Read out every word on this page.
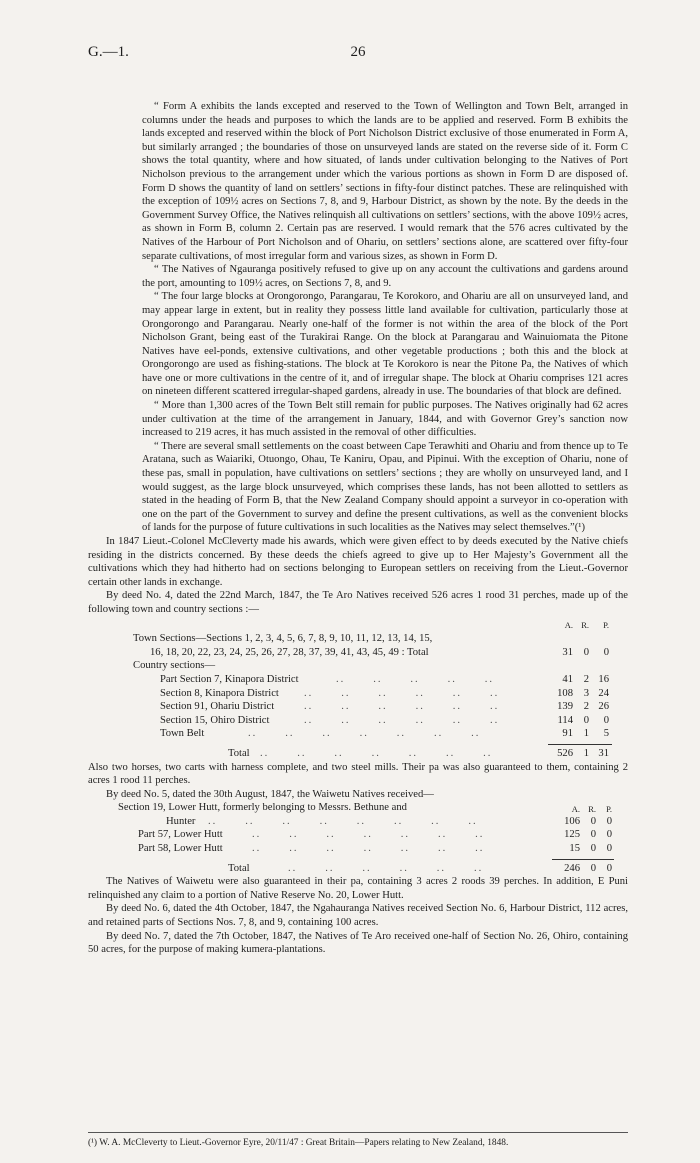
G.—1.	26

“ Form A exhibits the lands excepted and reserved to the Town of Wellington and Town Belt, arranged in columns under the heads and purposes to which the lands are to be applied and reserved. Form B exhibits the lands excepted and reserved within the block of Port Nicholson District exclusive of those enumerated in Form A, but similarly arranged ; the boundaries of those on unsurveyed lands are stated on the reverse side of it. Form C shows the total quantity, where and how situated, of lands under cultivation belonging to the Natives of Port Nicholson previous to the arrangement under which the various portions as shown in Form D are disposed of. Form D shows the quantity of land on settlers’ sections in fifty-four distinct patches. These are relinquished with the exception of 109½ acres on Sections 7, 8, and 9, Harbour District, as shown by the note. By the deeds in the Government Survey Office, the Natives relinquish all cultivations on settlers’ sections, with the above 109½ acres, as shown in Form B, column 2. Certain pas are reserved. I would remark that the 576 acres cultivated by the Natives of the Harbour of Port Nicholson and of Ohariu, on settlers’ sections alone, are scattered over fifty-four separate cultivations, of most irregular form and various sizes, as shown in Form D.

“ The Natives of Ngauranga positively refused to give up on any account the cultivations and gardens around the port, amounting to 109½ acres, on Sections 7, 8, and 9.

“ The four large blocks at Orongorongo, Parangarau, Te Korokoro, and Ohariu are all on unsurveyed land, and may appear large in extent, but in reality they possess little land available for cultivation, particularly those at Orongorongo and Parangarau. Nearly one-half of the former is not within the area of the block of the Port Nicholson Grant, being east of the Turakirai Range. On the block at Parangarau and Wainuiomata the Pitone Natives have eel-ponds, extensive cultivations, and other vegetable productions ; both this and the block at Orongorongo are used as fishing-stations. The block at Te Korokoro is near the Pitone Pa, the Natives of which have one or more cultivations in the centre of it, and of irregular shape. The block at Ohariu comprises 121 acres on nineteen different scattered irregular-shaped gardens, already in use. The boundaries of that block are defined.

“ More than 1,300 acres of the Town Belt still remain for public purposes. The Natives originally had 62 acres under cultivation at the time of the arrangement in January, 1844, and with Governor Grey’s sanction now increased to 219 acres, it has much assisted in the removal of other difficulties.

“ There are several small settlements on the coast between Cape Terawhiti and Ohariu and from thence up to Te Aratana, such as Waiariki, Otuongo, Ohau, Te Kaniru, Opau, and Pipinui. With the exception of Ohariu, none of these pas, small in population, have cultivations on settlers’ sections ; they are wholly on unsurveyed land, and I would suggest, as the large block unsurveyed, which comprises these lands, has not been allotted to settlers as stated in the heading of Form B, that the New Zealand Company should appoint a surveyor in co-operation with one on the part of the Government to survey and define the present cultivations, as well as the convenient blocks of lands for the purpose of future cultivations in such localities as the Natives may select themselves.”(¹)

In 1847 Lieut.-Colonel McCleverty made his awards, which were given effect to by deeds executed by the Native chiefs residing in the districts concerned. By these deeds the chiefs agreed to give up to Her Majesty’s Government all the cultivations which they had hitherto had on sections belonging to European settlers on receiving from the Lieut.-Governor certain other lands in exchange.

By deed No. 4, dated the 22nd March, 1847, the Te Aro Natives received 526 acres 1 rood 31 perches, made up of the following town and country sections :—

A. R.	P.
Town Sections—Sections 1, 2, 3, 4, 5, 6, 7, 8, 9, 10, 11, 12, 13, 14, 15,
16, 18, 20, 22, 23, 24, 25, 26, 27, 28, 37, 39, 41, 43, 45, 49 : Total	31	0	0
Country sections—
Part Section 7, Kinapora District	..      ..      ..      ..      ..	41	2 16
Section 8, Kinapora District ..      ..      ..      ..      ..      ..	108	3 24
Section 91, Ohariu District	..      ..      ..      ..      ..      ..	139	2 26
Section 15, Ohiro District	..      ..      ..      ..      ..      ..	114	0	0
Town Belt	..      ..      ..      ..      ..      ..      ..	91	1	5
Total ..      ..      ..      ..      ..      ..      ..	526	1 31

Also two horses, two carts with harness complete, and two steel mills. Their pa was also guaranteed to them, containing 2 acres 1 rood 11 perches.

By deed No. 5, dated the 30th August, 1847, the Waiwetu Natives received—

Section 19, Lower Hutt, formerly belonging to Messrs. Bethune and	A. R.	P.
Hunter ..      ..      ..      ..      ..      ..      ..      ..	106	0	0
Part 57, Lower Hutt	..      ..      ..      ..      ..      ..      ..	125	0	0
Part 58, Lower Hutt	..      ..      ..      ..      ..      ..      ..	15	0	0
Total	..      ..      ..      ..      ..      ..	246	0	0

The Natives of Waiwetu were also guaranteed in their pa, containing 3 acres 2 roods 39 perches. In addition, E Puni relinquished any claim to a portion of Native Reserve No. 20, Lower Hutt.

By deed No. 6, dated the 4th October, 1847, the Ngahauranga Natives received Section No. 6, Harbour District, 112 acres, and retained parts of Sections Nos. 7, 8, and 9, containing 100 acres.

By deed No. 7, dated the 7th October, 1847, the Natives of Te Aro received one-half of Section No. 26, Ohiro, containing 50 acres, for the purpose of making kumera-plantations.

(¹) W. A. McCleverty to Lieut.-Governor Eyre, 20/11/47 : Great Britain—Papers relating to New Zealand, 1848.
